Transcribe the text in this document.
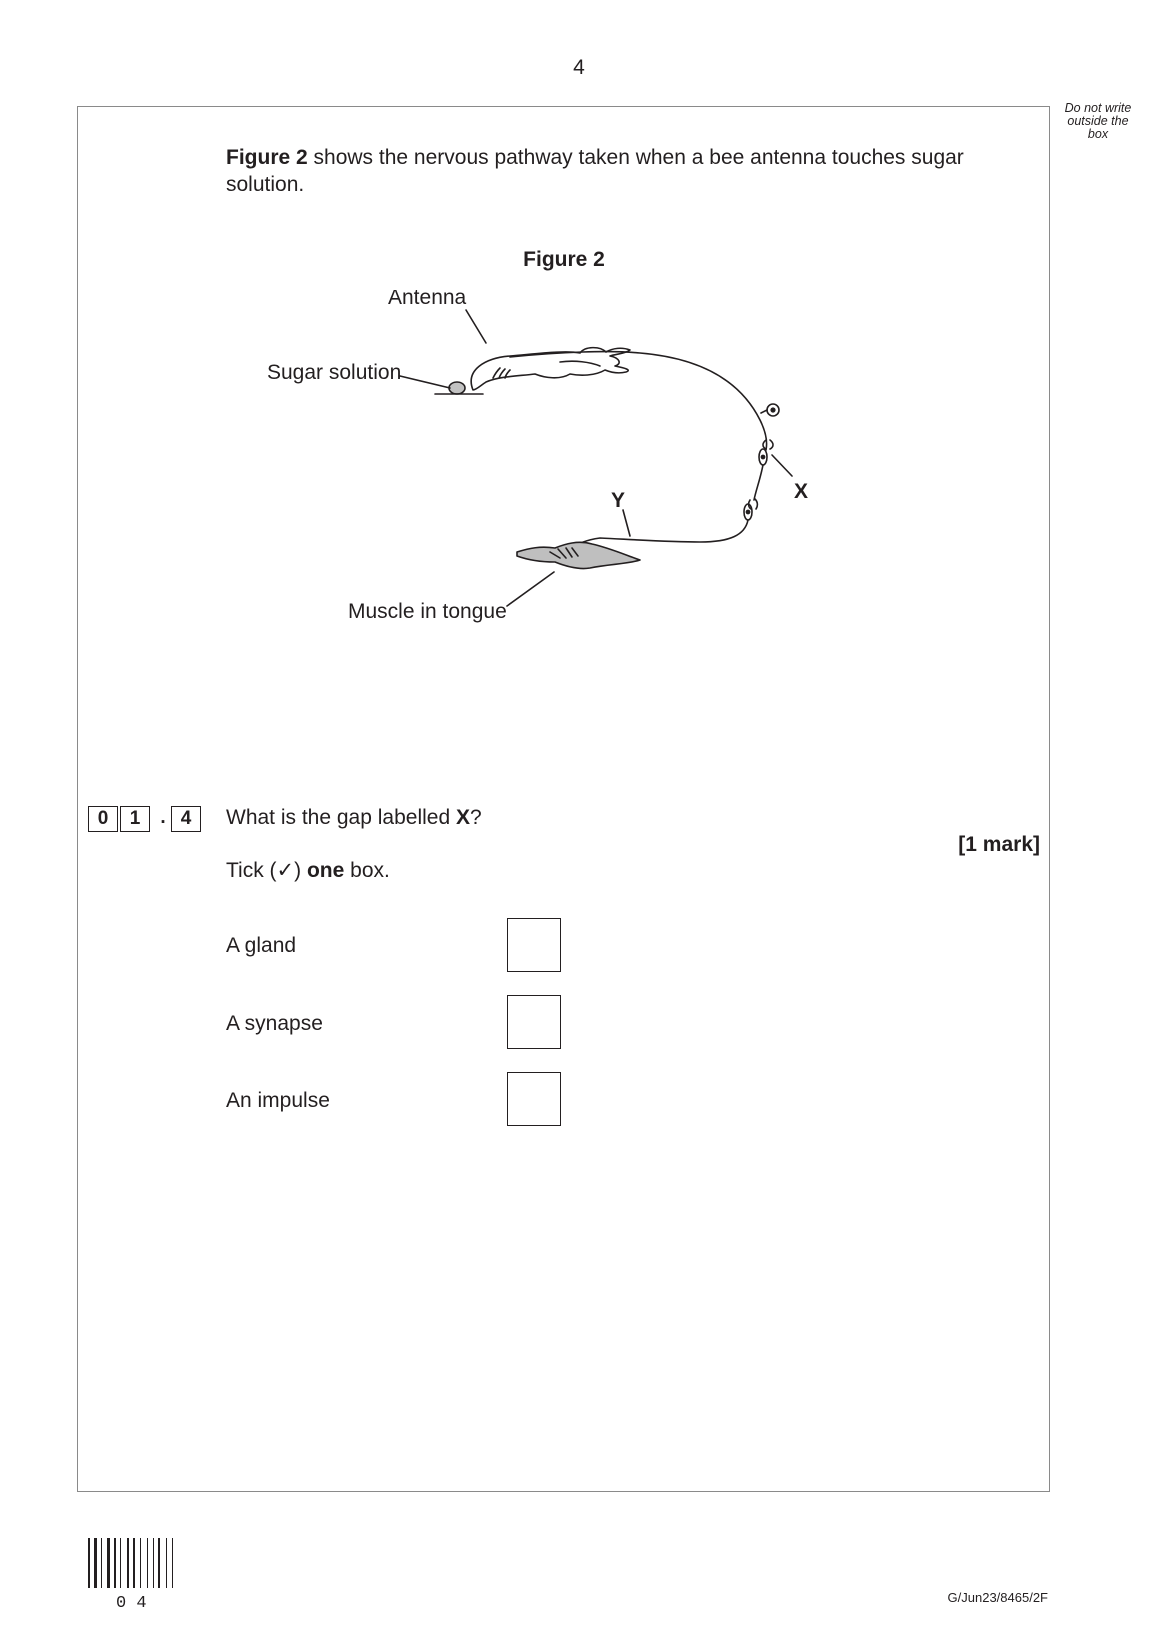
4
Do not write
outside the
box
Figure 2 shows the nervous pathway taken when a bee antenna touches sugar solution.
Figure 2
Antenna
Sugar solution
X
Y
Muscle in tongue
0	1	. 4	What is the gap labelled X?
[1 mark]
Tick (✓) one box.
A gland
A synapse
An impulse
0 4	G/Jun23/8465/2F
